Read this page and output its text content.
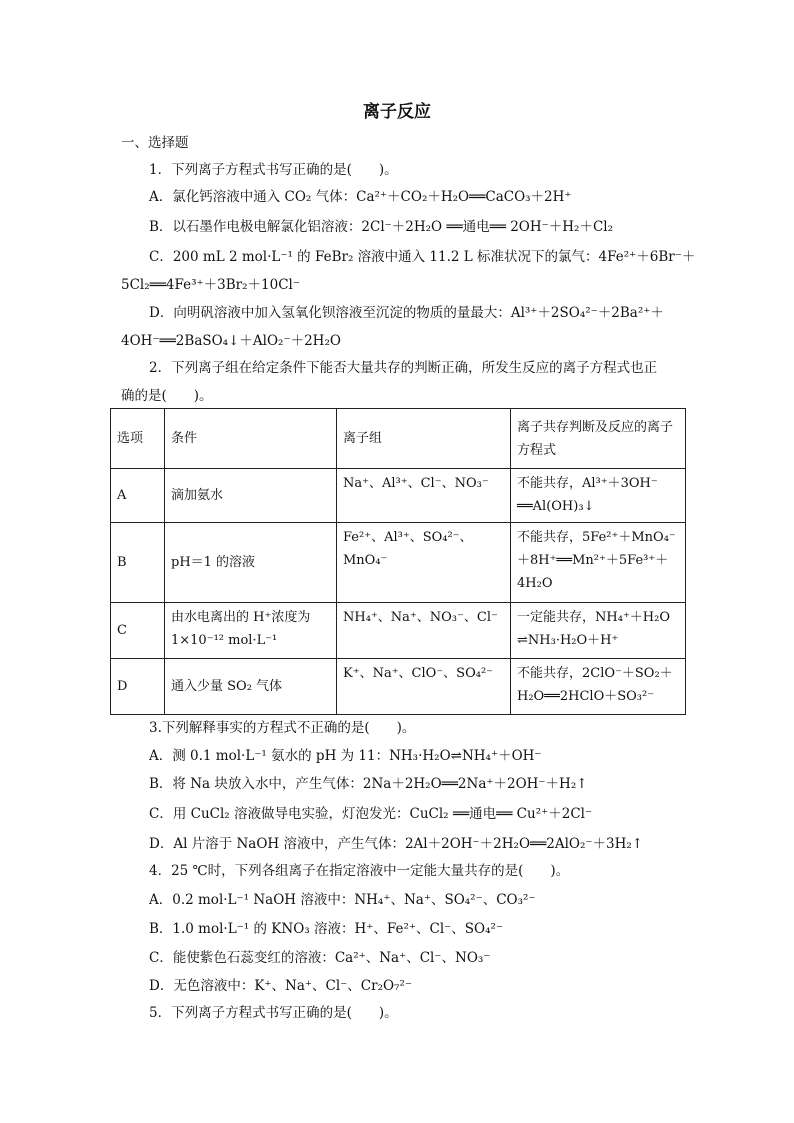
离子反应
一、选择题
1．下列离子方程式书写正确的是(　　)。
A．氯化钙溶液中通入 CO₂ 气体：Ca²⁺＋CO₂＋H₂O══CaCO₃＋2H⁺
B．以石墨作电极电解氯化铝溶液：2Cl⁻＋2H₂O ══通电══ 2OH⁻＋H₂＋Cl₂
C．200 mL 2 mol·L⁻¹ 的 FeBr₂ 溶液中通入 11.2 L 标准状况下的氯气：4Fe²⁺＋6Br⁻＋
5Cl₂══4Fe³⁺＋3Br₂＋10Cl⁻
D．向明矾溶液中加入氢氧化钡溶液至沉淀的物质的量最大：Al³⁺＋2SO₄²⁻＋2Ba²⁺＋
4OH⁻══2BaSO₄↓＋AlO₂⁻＋2H₂O
2．下列离子组在给定条件下能否大量共存的判断正确，所发生反应的离子方程式也正
确的是(　　)。
选项	条件	离子组	离子共存判断及反应的离子方程式
A	滴加氨水	Na⁺、Al³⁺、Cl⁻、NO₃⁻	不能共存，Al³⁺＋3OH⁻
══Al(OH)₃↓

B	pH＝1 的溶液	Fe²⁺、Al³⁺、SO₄²⁻、MnO₄⁻	不能共存，5Fe²⁺＋MnO₄⁻
＋8H⁺══Mn²⁺＋5Fe³⁺＋
4H₂O

C	由水电离出的 H⁺浓度为 1×10⁻¹² mol·L⁻¹	NH₄⁺、Na⁺、NO₃⁻、Cl⁻	一定能共存，NH₄⁺＋H₂O
⇌NH₃·H₂O＋H⁺

D	通入少量 SO₂ 气体	K⁺、Na⁺、ClO⁻、SO₄²⁻	不能共存，2ClO⁻＋SO₂＋
H₂O══2HClO＋SO₃²⁻
3.下列解释事实的方程式不正确的是(　　)。
A．测 0.1 mol·L⁻¹ 氨水的 pH 为 11：NH₃·H₂O⇌NH₄⁺＋OH⁻
B．将 Na 块放入水中，产生气体：2Na＋2H₂O══2Na⁺＋2OH⁻＋H₂↑
C．用 CuCl₂ 溶液做导电实验，灯泡发光：CuCl₂ ══通电══ Cu²⁺＋2Cl⁻
D．Al 片溶于 NaOH 溶液中，产生气体：2Al＋2OH⁻＋2H₂O══2AlO₂⁻＋3H₂↑
4．25 ℃时，下列各组离子在指定溶液中一定能大量共存的是(　　)。
A．0.2 mol·L⁻¹ NaOH 溶液中：NH₄⁺、Na⁺、SO₄²⁻、CO₃²⁻
B．1.0 mol·L⁻¹ 的 KNO₃ 溶液：H⁺、Fe²⁺、Cl⁻、SO₄²⁻
C．能使紫色石蕊变红的溶液：Ca²⁺、Na⁺、Cl⁻、NO₃⁻
D．无色溶液中：K⁺、Na⁺、Cl⁻、Cr₂O₇²⁻
5．下列离子方程式书写正确的是(　　)。
